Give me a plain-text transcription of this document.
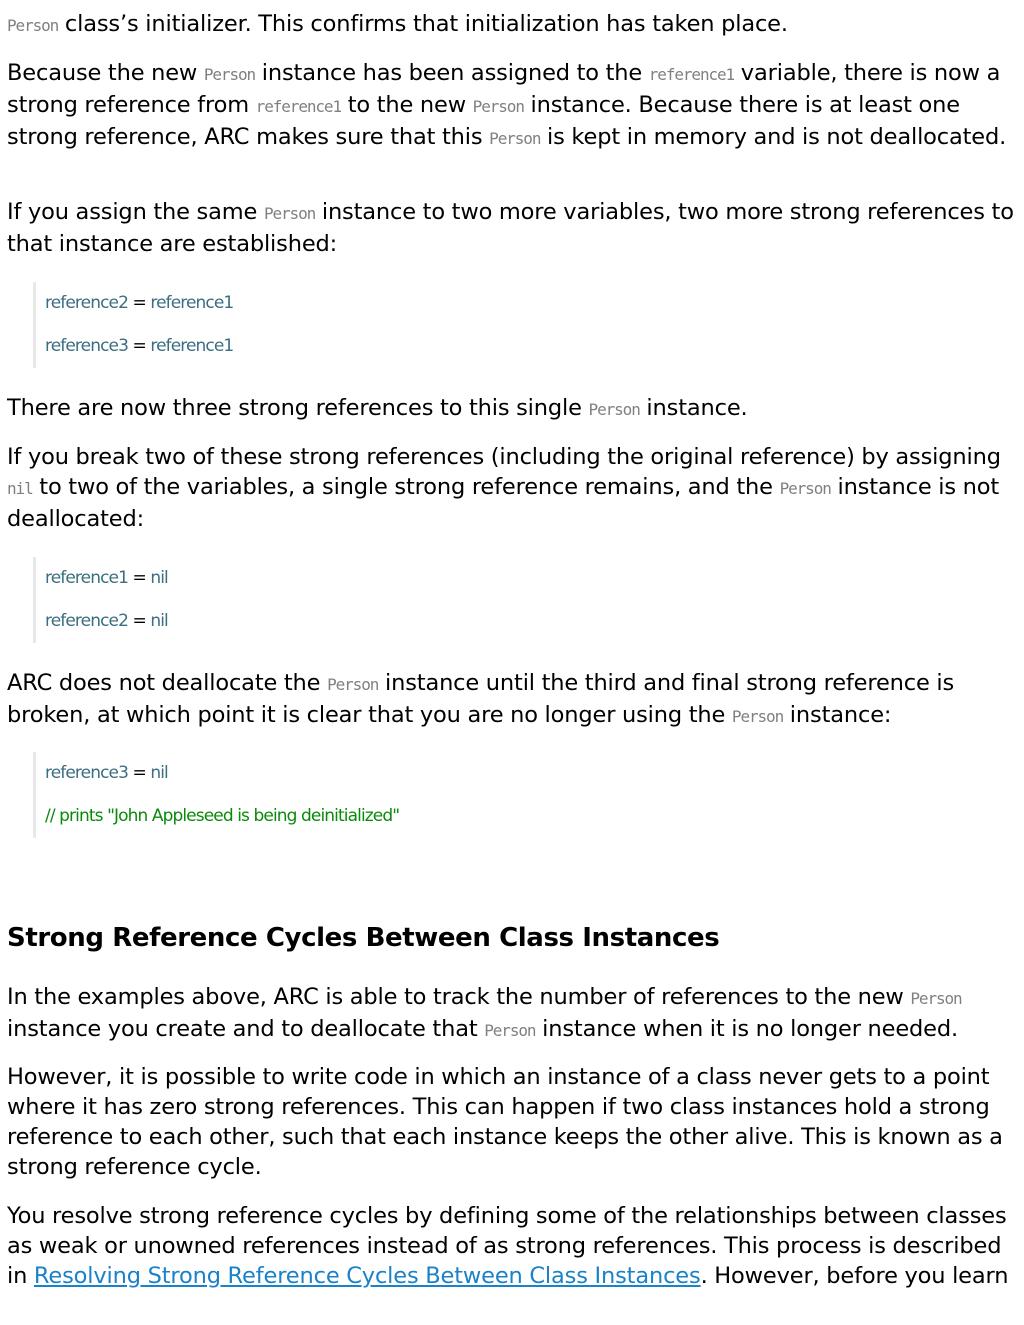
Person class’s initializer. This confirms that initialization has taken place.

Because the new Person instance has been assigned to the reference1 variable, there is now a strong reference from reference1 to the new Person instance. Because there is at least one strong reference, ARC makes sure that this Person is kept in memory and is not deallocated.

If you assign the same Person instance to two more variables, two more strong references to that instance are established:

reference2 = reference1
reference3 = reference1

There are now three strong references to this single Person instance.

If you break two of these strong references (including the original reference) by assigning nil to two of the variables, a single strong reference remains, and the Person instance is not deallocated:

reference1 = nil
reference2 = nil

ARC does not deallocate the Person instance until the third and final strong reference is broken, at which point it is clear that you are no longer using the Person instance:

reference3 = nil
// prints "John Appleseed is being deinitialized"
Strong Reference Cycles Between Class Instances

In the examples above, ARC is able to track the number of references to the new Person instance you create and to deallocate that Person instance when it is no longer needed.

However, it is possible to write code in which an instance of a class never gets to a point where it has zero strong references. This can happen if two class instances hold a strong reference to each other, such that each instance keeps the other alive. This is known as a strong reference cycle.

You resolve strong reference cycles by defining some of the relationships between classes as weak or unowned references instead of as strong references. This process is described in Resolving Strong Reference Cycles Between Class Instances. However, before you learn
